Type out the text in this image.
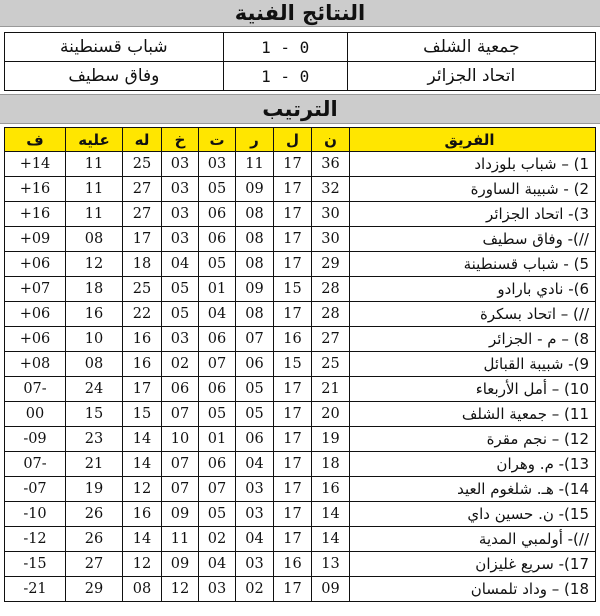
النتائج الفنية
شباب قسنطينة	1 - 0	جمعية الشلف
وفاق سطيف	1 - 0	اتحاد الجزائر
الترتيب
ف	عليه	له	خ	ت	ر	ل	ن	الفريق
+14	11	25	03	03	11	17	36	1) – شباب بلوزداد
+16	11	27	03	05	09	17	32	2) - شبيبة الساورة
+16	11	27	03	06	08	17	30	3)- اتحاد الجزائر
+09	08	17	03	06	08	17	30	//)- وفاق سطيف
+06	12	18	04	05	08	17	29	5) - شباب قسنطينة
+07	18	25	05	01	09	15	28	6)- نادي بارادو
+06	16	22	05	04	08	17	28	//) – اتحاد بسكرة
+06	10	16	03	06	07	16	27	8) – م - الجزائر
+08	08	16	02	07	06	15	25	9)- شبيبة القبائل
07-	24	17	06	06	05	17	21	10) – أمل الأربعاء
00	15	15	07	05	05	17	20	11) – جمعية الشلف
-09	23	14	10	01	06	17	19	12) – نجم مقرة
07-	21	14	07	06	04	17	18	13)- م. وهران
-07	19	12	07	07	03	17	16	14)- هـ. شلغوم العيد
-10	26	16	09	05	03	17	14	15)- ن. حسين داي
-12	26	14	11	02	04	17	14	//)- أولمبي المدية
-15	27	12	09	04	03	16	13	17)- سريع غليزان
-21	29	08	12	03	02	17	09	18) – وداد تلمسان
